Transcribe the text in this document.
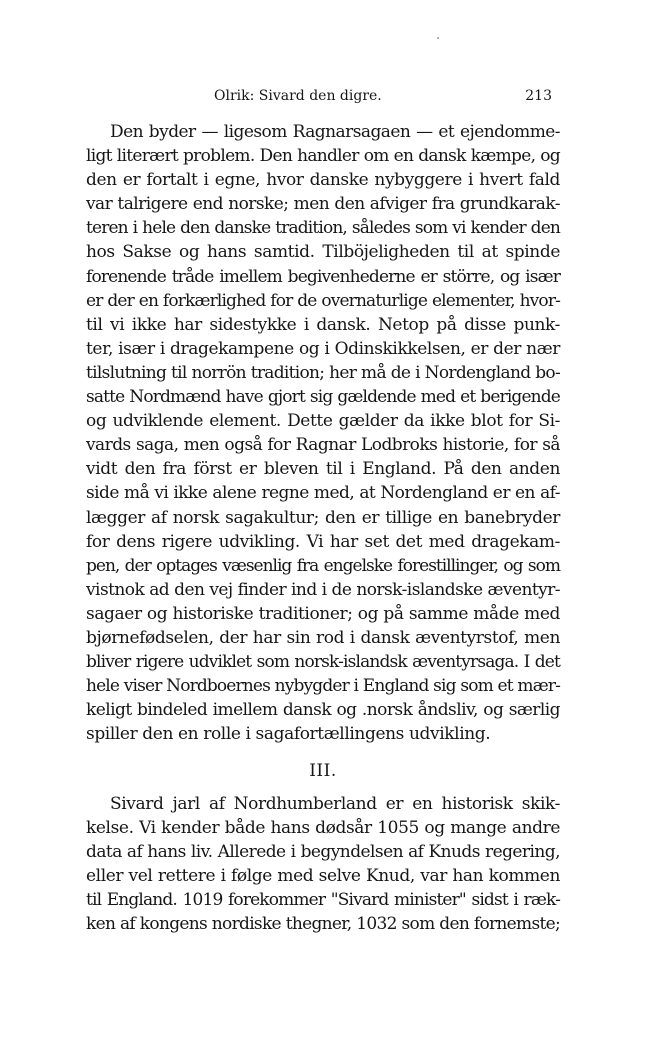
Olrik: Sivard den digre.	213
Den byder — ligesom Ragnarsagaen — et ejendomme-
ligt literært problem. Den handler om en dansk kæmpe, og
den er fortalt i egne, hvor danske nybyggere i hvert fald
var talrigere end norske; men den afviger fra grundkarak-
teren i hele den danske tradition, således som vi kender den
hos Sakse og hans samtid. Tilböjeligheden til at spinde
forenende tråde imellem begivenhederne er större, og især
er der en forkærlighed for de overnaturlige elementer, hvor-
til vi ikke har sidestykke i dansk. Netop på disse punk-
ter, især i dragekampene og i Odinskikkelsen, er der nær
tilslutning til norrön tradition; her må de i Nordengland bo-
satte Nordmænd have gjort sig gældende med et berigende
og udviklende element. Dette gælder da ikke blot for Si-
vards saga, men også for Ragnar Lodbroks historie, for så
vidt den fra först er bleven til i England. På den anden
side må vi ikke alene regne med, at Nordengland er en af-
lægger af norsk sagakultur; den er tillige en banebryder
for dens rigere udvikling. Vi har set det med dragekam-
pen, der optages væsenlig fra engelske forestillinger, og som
vistnok ad den vej finder ind i de norsk-islandske æventyr-
sagaer og historiske traditioner; og på samme måde med
bjørnefødselen, der har sin rod i dansk æventyrstof, men
bliver rigere udviklet som norsk-islandsk æventyrsaga. I det
hele viser Nordboernes nybygder i England sig som et mær-
keligt bindeled imellem dansk og .norsk åndsliv, og særlig
spiller den en rolle i sagafortællingens udvikling.
III.
Sivard jarl af Nordhumberland er en historisk skik-
kelse. Vi kender både hans dødsår 1055 og mange andre
data af hans liv. Allerede i begyndelsen af Knuds regering,
eller vel rettere i følge med selve Knud, var han kommen
til England. 1019 forekommer "Sivard minister" sidst i ræk-
ken af kongens nordiske thegner, 1032 som den fornemste;
